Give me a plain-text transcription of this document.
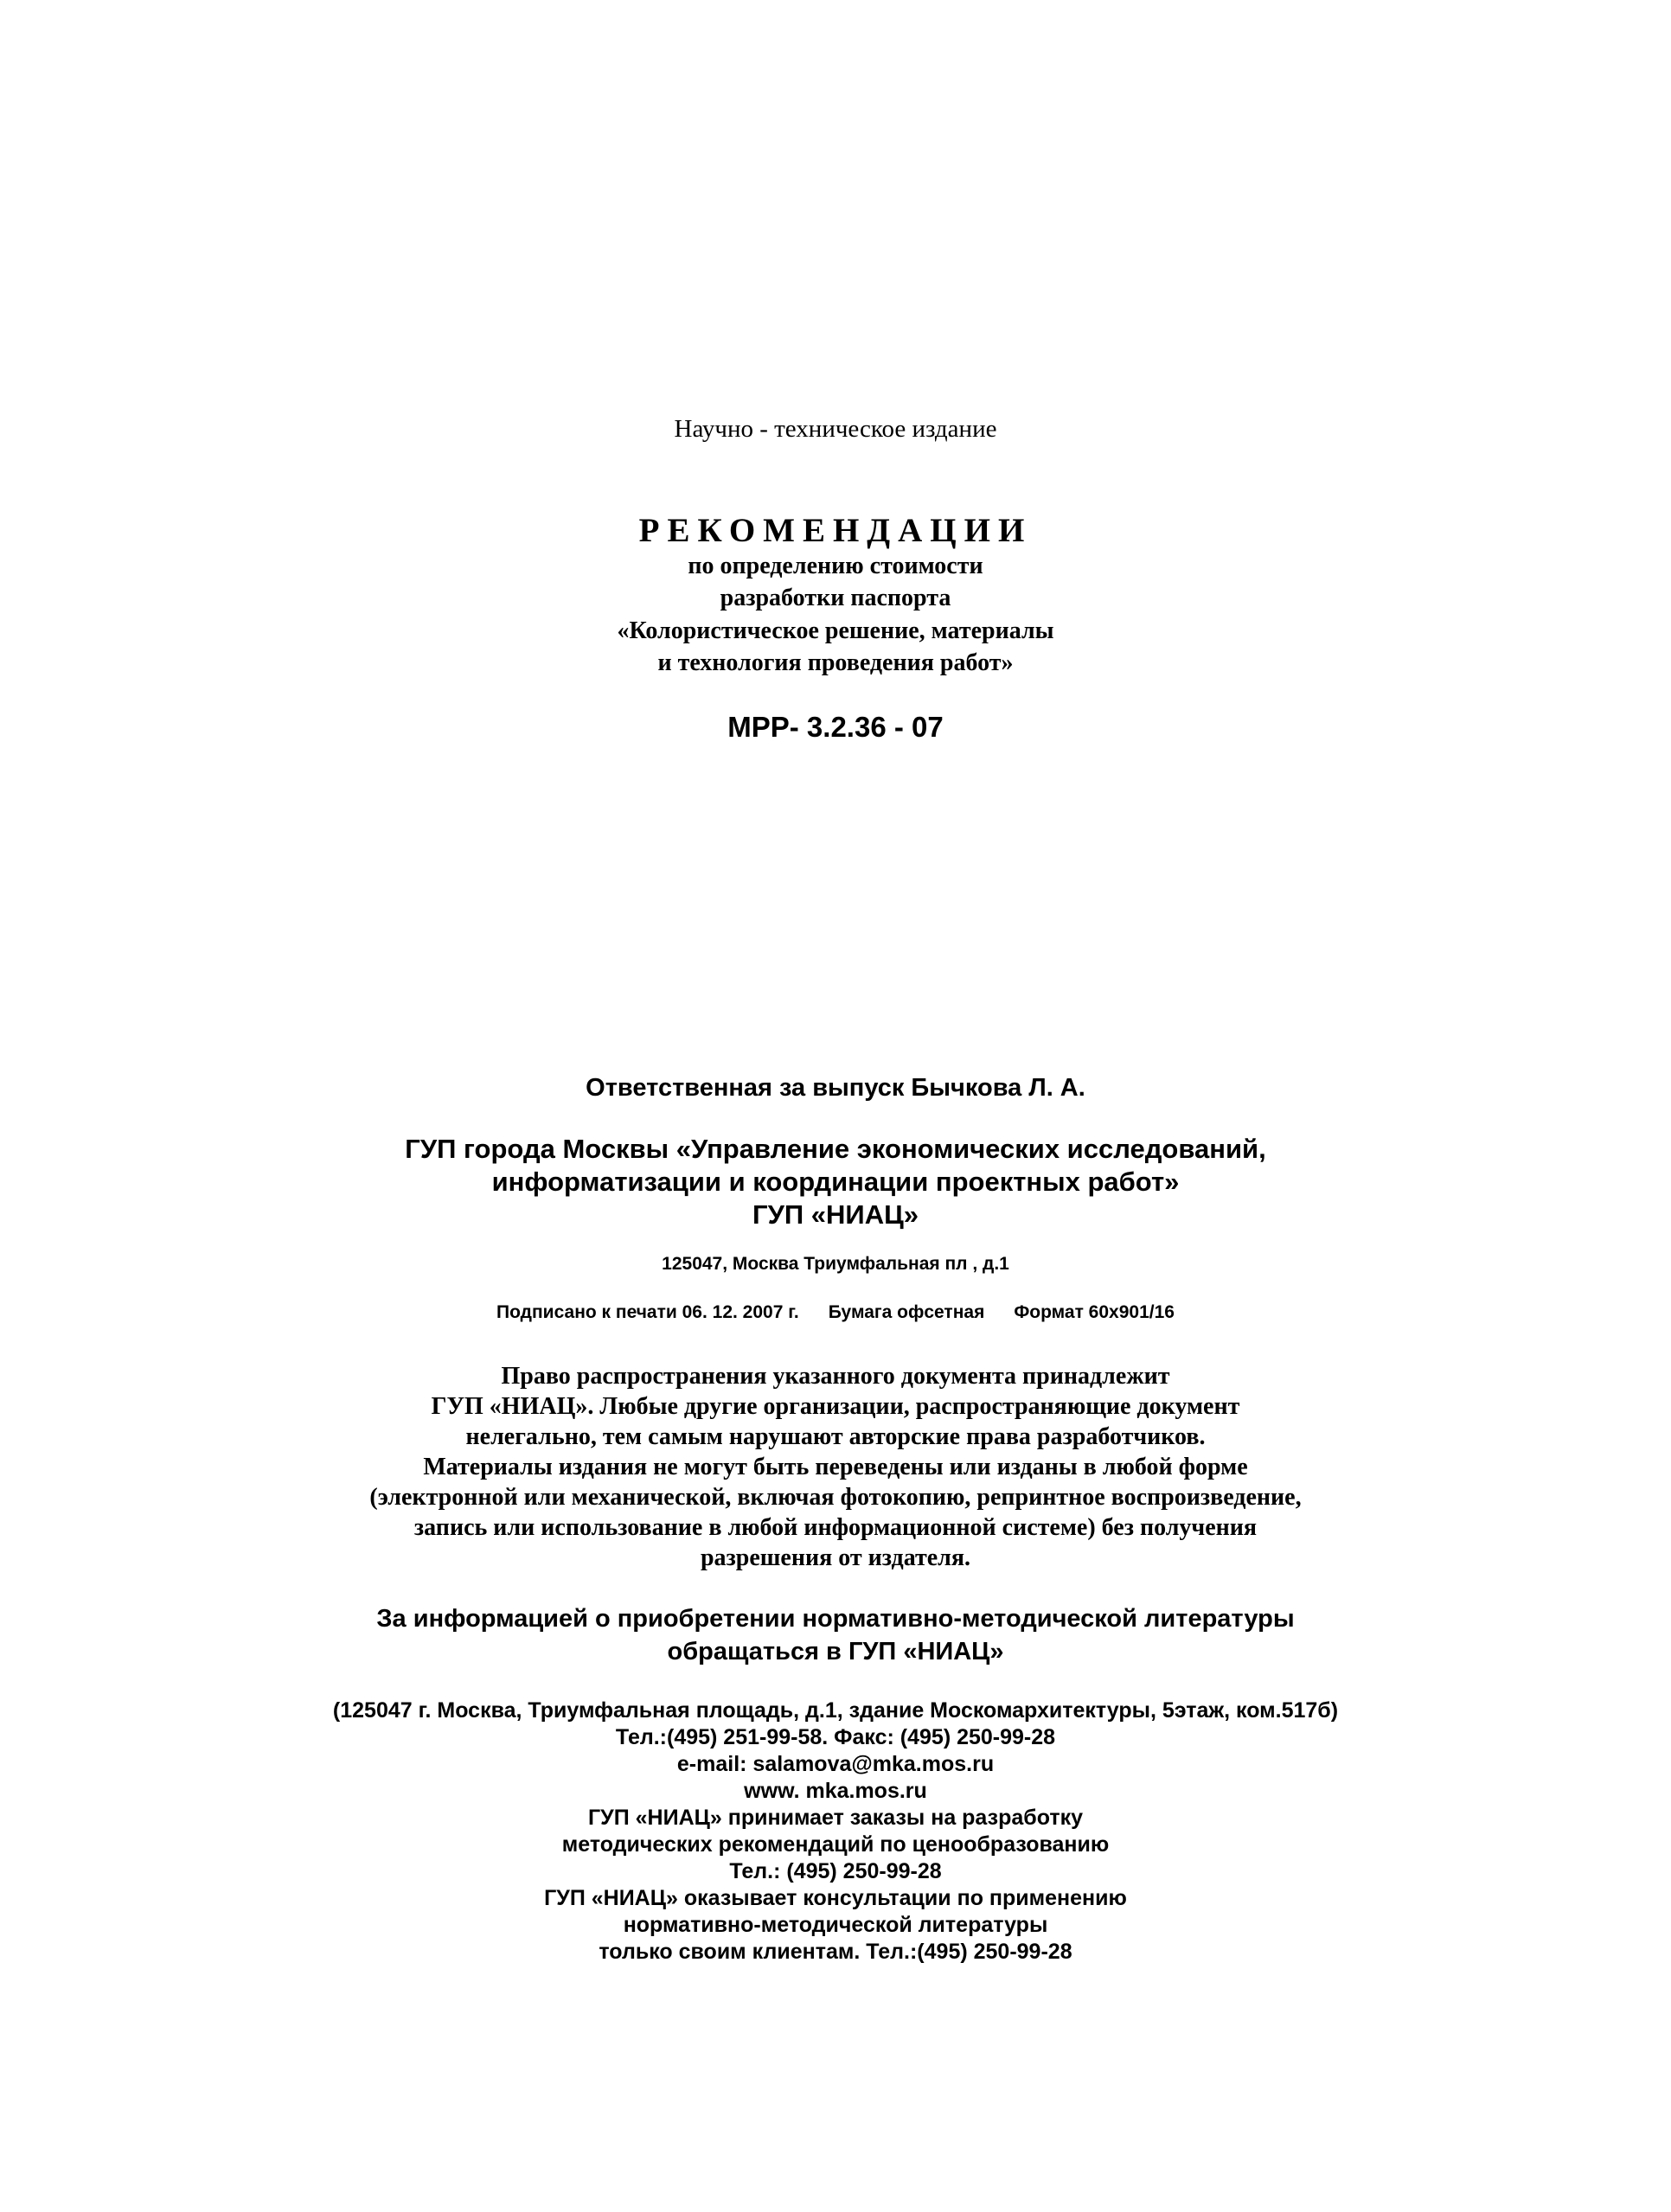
Научно - техническое издание
РЕКОМЕНДАЦИИ
по определению стоимости
разработки паспорта
«Колористическое решение, материалы
и технология проведения работ»
МРР- 3.2.36 - 07
Ответственная за выпуск Бычкова Л. А.
ГУП города Москвы «Управление экономических исследований,
информатизации и координации проектных работ»
ГУП «НИАЦ»
125047, Москва Триумфальная пл , д.1
Подписано к печати 06. 12. 2007 г. Бумага офсетная Формат 60х901/16
Право распространения указанного документа принадлежит
ГУП «НИАЦ». Любые другие организации, распространяющие документ
нелегально, тем самым нарушают авторские права разработчиков.
Материалы издания не могут быть переведены или изданы в любой форме
(электронной или механической, включая фотокопию, репринтное воспроизведение,
запись или использование в любой информационной системе) без получения
разрешения от издателя.
За информацией о приобретении нормативно-методической литературы
обращаться в ГУП «НИАЦ»
(125047 г. Москва, Триумфальная площадь, д.1, здание Москомархитектуры, 5этаж, ком.517б)
Тел.:(495) 251-99-58. Факс: (495) 250-99-28
e-mail: salamova@mka.mos.ru
www. mka.mos.ru
ГУП «НИАЦ» принимает заказы на разработку
методических рекомендаций по ценообразованию
Тел.: (495) 250-99-28
ГУП «НИАЦ» оказывает консультации по применению
нормативно-методической литературы
только своим клиентам. Тел.:(495) 250-99-28
